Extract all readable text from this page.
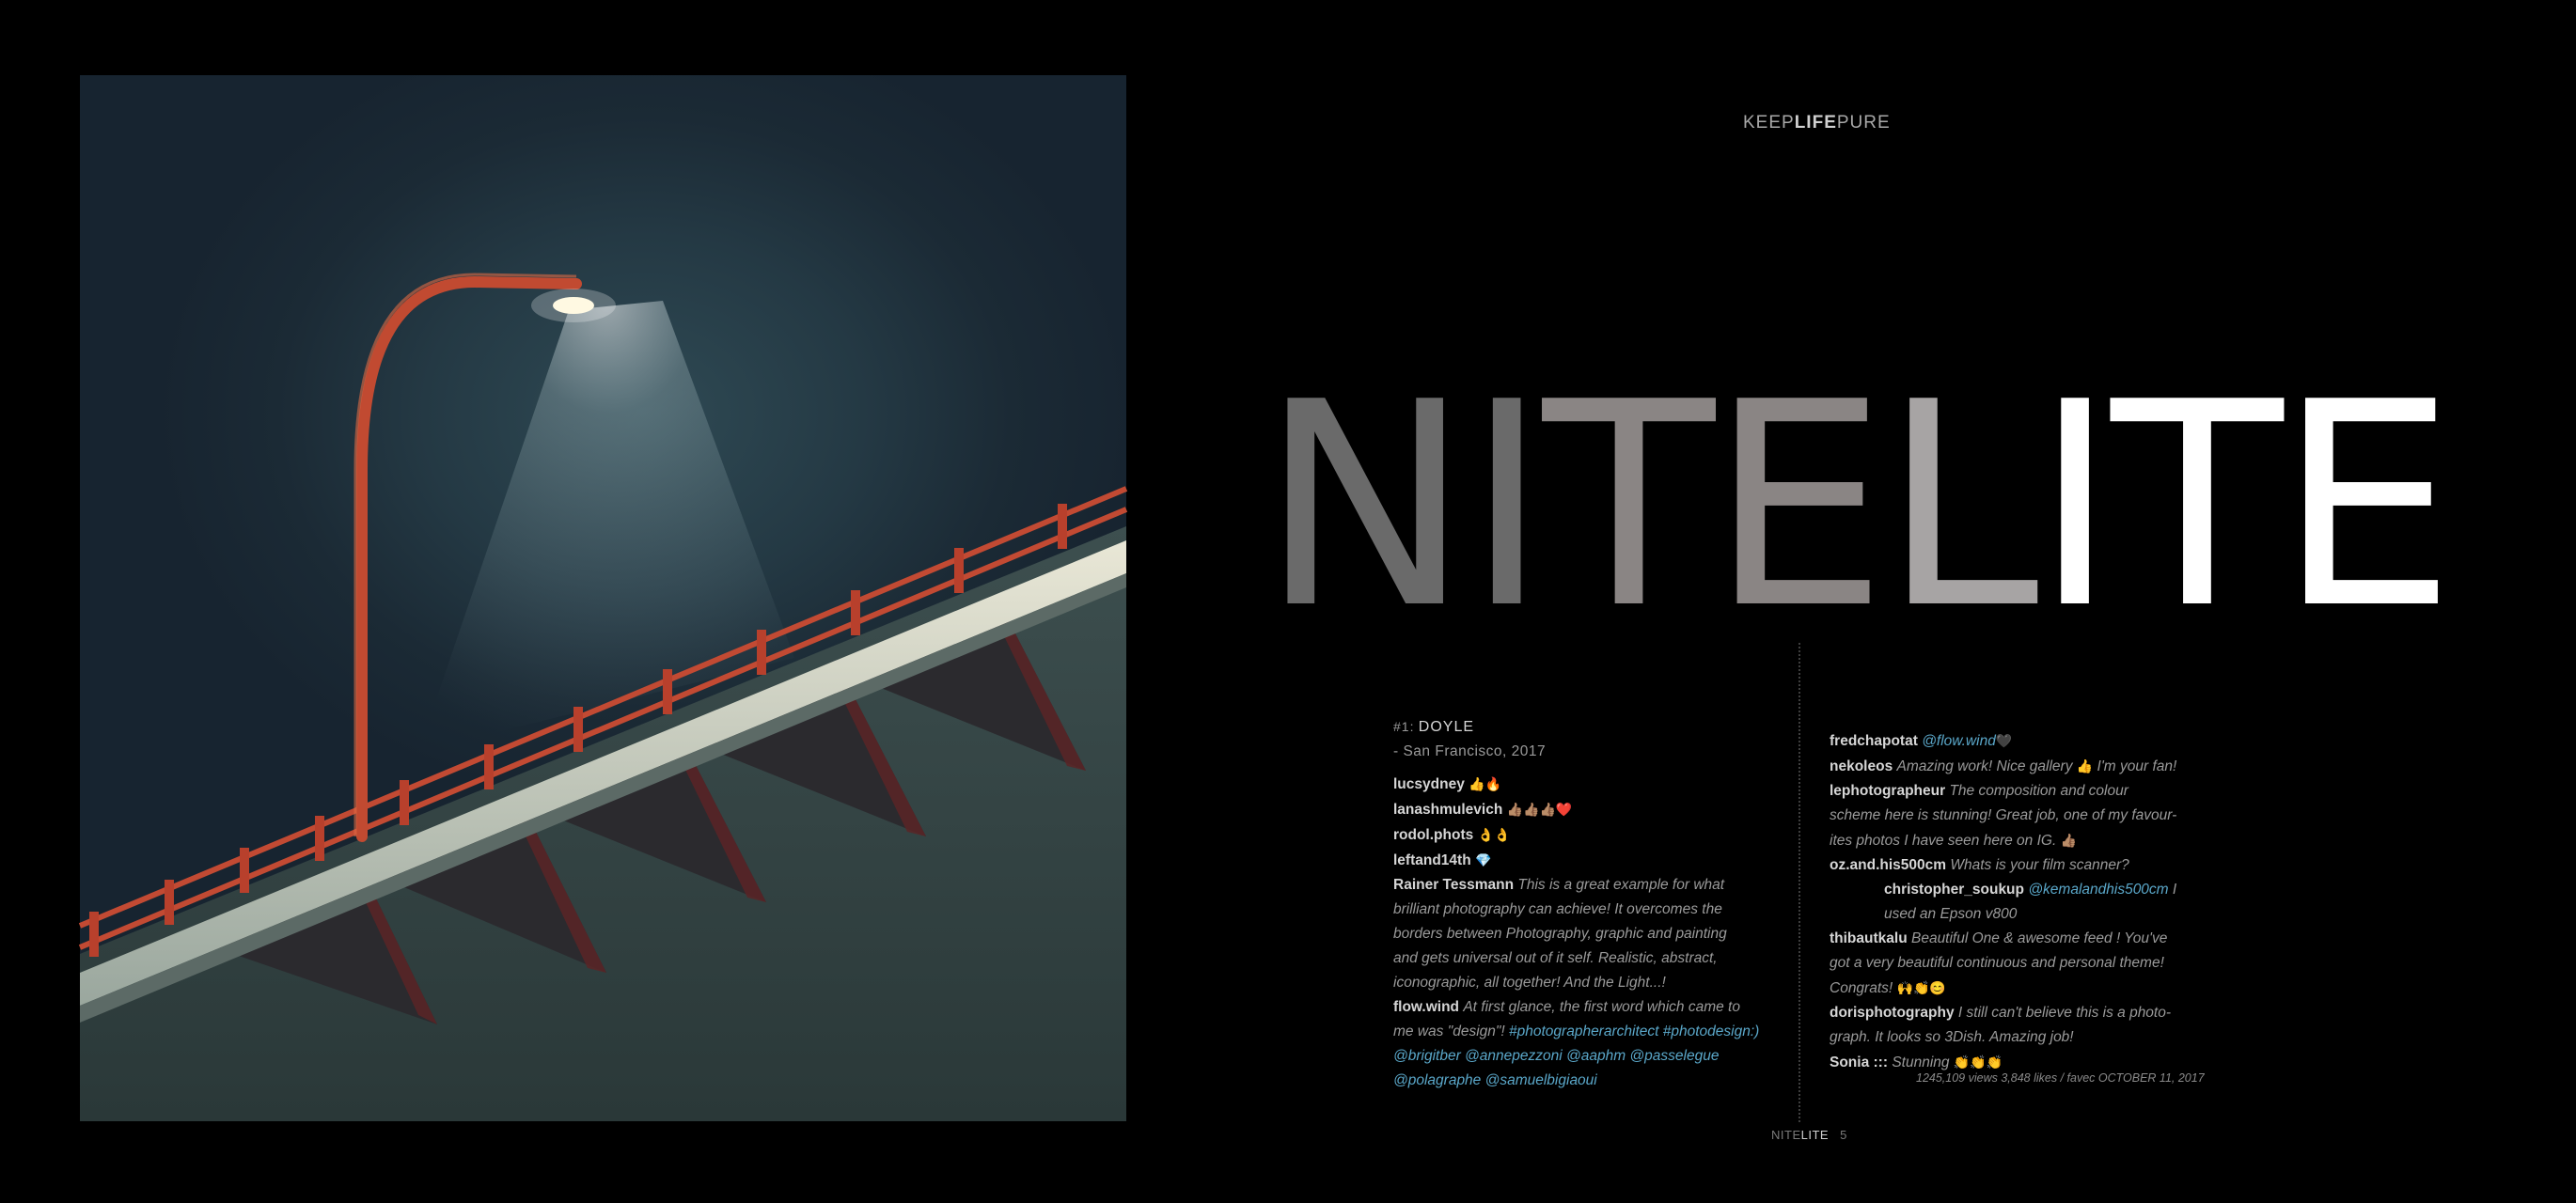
KEEPLIFEPURE
NITELITE
#1: DOYLE
- San Francisco, 2017
lucsydney 👍🔥
lanashmulevich 👍🏽👍🏽👍🏽❤️
rodol.phots 👌👌
leftand14th 💎
Rainer Tessmann This is a great example for what
brilliant photography can achieve! It overcomes the
borders between Photography, graphic and painting
and gets universal out of it self. Realistic, abstract,
iconographic, all together! And the Light...!
flow.wind At first glance, the first word which came to
me was "design"! #photographerarchitect #photodesign:)
@brigitber @annepezzoni @aaphm @passelegue
@polagraphe @samuelbigiaoui
fredchapotat @flow.wind🖤
nekoleos Amazing work! Nice gallery 👍 I'm your fan!
lephotographeur The composition and colour
scheme here is stunning! Great job, one of my favour-
ites photos I have seen here on IG. 👍🏽
oz.and.his500cm Whats is your film scanner?
christopher_soukup @kemalandhis500cm I
used an Epson v800
thibautkalu Beautiful One & awesome feed ! You've
got a very beautiful continuous and personal theme!
Congrats! 🙌👏😊
dorisphotography I still can't believe this is a photo-
graph. It looks so 3Dish. Amazing job!
Sonia ::: Stunning 👏👏👏
1245,109 views 3,848 likes / favec OCTOBER 11, 2017
NITELITE 5
